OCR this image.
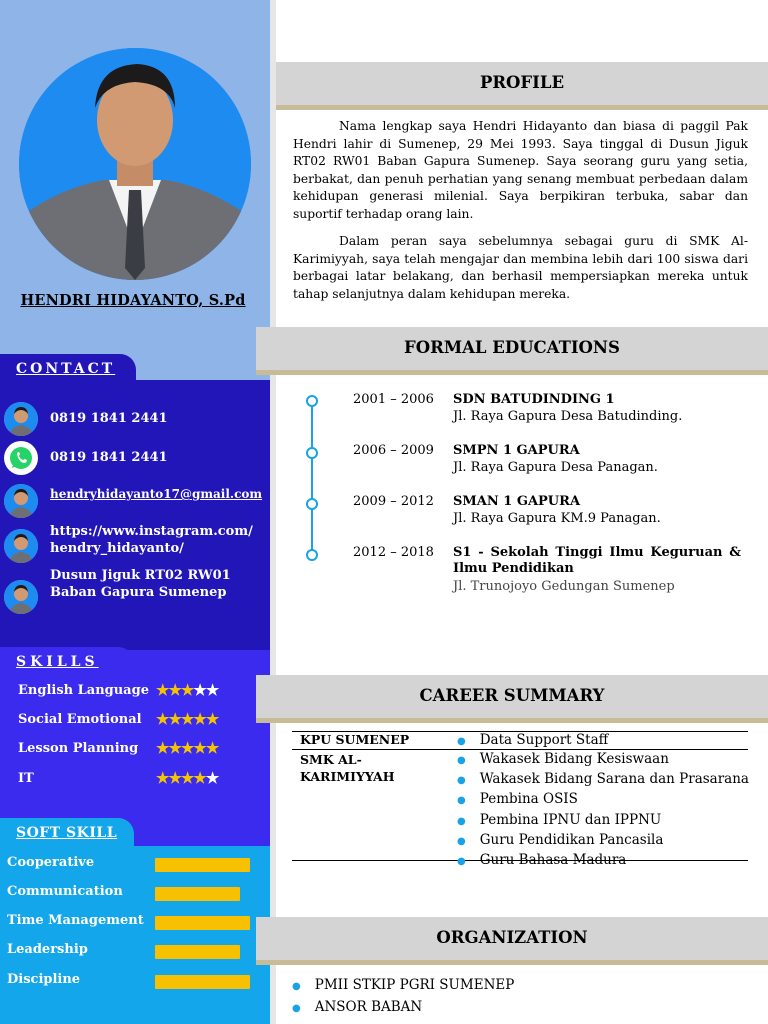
HENDRI HIDAYANTO, S.Pd
CONTACT
0819 1841 2441
0819 1841 2441
hendryhidayanto17@gmail.com
https://www.instagram.com/
hendry_hidayanto/
Dusun Jiguk RT02 RW01
Baban Gapura Sumenep
SKILLS
English Language ★★★★★
Social Emotional ★★★★★
Lesson Planning ★★★★★
IT	★★★★★
SOFT SKILL
Cooperative
Communication
Time Management
Leadership
Discipline
PROFILE

Nama lengkap saya Hendri Hidayanto dan biasa di paggil Pak Hendri lahir di Sumenep, 29 Mei 1993. Saya tinggal di Dusun Jiguk RT02 RW01 Baban Gapura Sumenep. Saya seorang guru yang setia, berbakat, dan penuh perhatian yang senang membuat perbedaan dalam kehidupan generasi milenial. Saya berpikiran terbuka, sabar dan suportif terhadap orang lain.

Dalam peran saya sebelumnya sebagai guru di SMK Al-Karimiyyah, saya telah mengajar dan membina lebih dari 100 siswa dari berbagai latar belakang, dan berhasil mempersiapkan mereka untuk tahap selanjutnya dalam kehidupan mereka.

FORMAL EDUCATIONS
2001 – 2006 SDN BATUDINDING 1
Jl. Raya Gapura Desa Batudinding.
2006 – 2009 SMPN 1 GAPURA
Jl. Raya Gapura Desa Panagan.
2009 – 2012 SMAN 1 GAPURA
Jl. Raya Gapura KM.9 Panagan.
2012 – 2018 S1 - Sekolah Tinggi Ilmu Keguruan & Ilmu Pendidikan
Jl. Trunojoyo Gedungan Sumenep
CAREER SUMMARY
KPU SUMENEP	● Data Support Staff
SMK AL-KARIMIYYAH
● Wakasek Bidang Kesiswaan
● Wakasek Bidang Sarana dan Prasarana
● Pembina OSIS
● Pembina IPNU dan IPPNU
● Guru Pendidikan Pancasila
● Guru Bahasa Madura
ORGANIZATION
● PMII STKIP PGRI SUMENEP
● ANSOR BABAN
